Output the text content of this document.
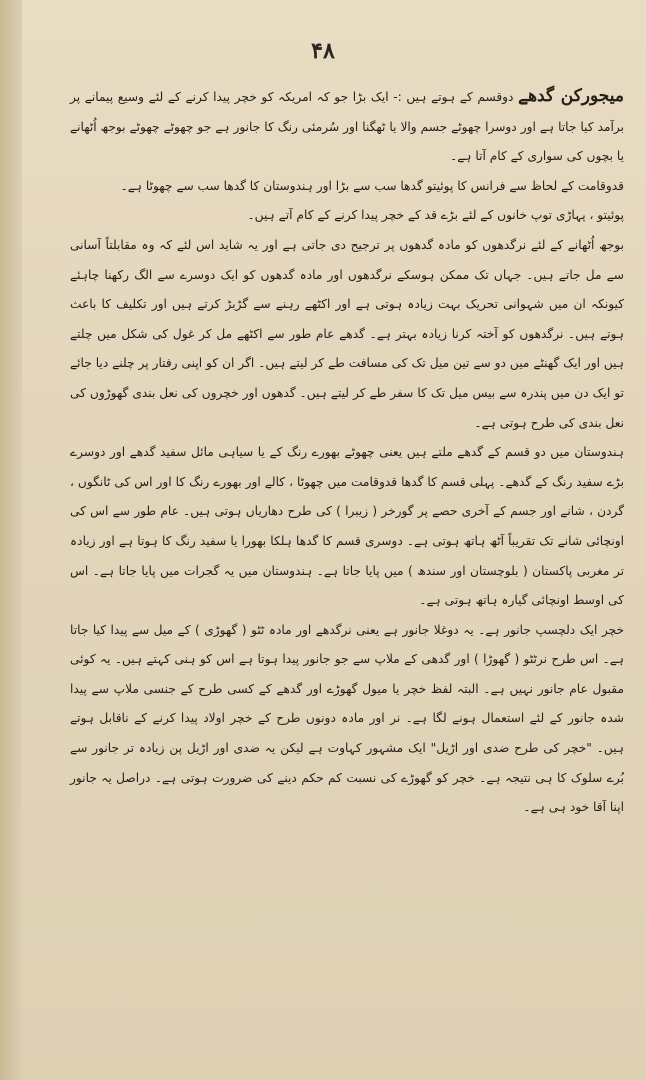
۴۸

میجورکن گدھے دوقسم کے ہوتے ہیں :- ایک بڑا جو کہ امریکہ کو خچر پیدا کرنے کے لئے وسیع پیمانے پر برآمد کیا جاتا ہے اور دوسرا چھوٹے جسم والا یا ٹھگنا اور سُرمئی رنگ کا جانور ہے جو چھوٹے چھوٹے بوجھ اُٹھانے یا بچوں کی سواری کے کام آتا ہے۔

قدوقامت کے لحاظ سے فرانس کا پوئیتو گدھا سب سے بڑا اور ہندوستان کا گدھا سب سے چھوٹا ہے۔

پوئیتو ، پہاڑی توپ خانوں کے لئے بڑے قد کے خچر پیدا کرنے کے کام آتے ہیں۔

بوجھ اُٹھانے کے لئے نرگدھوں کو مادہ گدھوں پر ترجیح دی جاتی ہے اور یہ شاید اس لئے کہ وہ مقابلتاً آسانی سے مل جاتے ہیں۔ جہاں تک ممکن ہوسکے نرگدھوں اور مادہ گدھوں کو ایک دوسرے سے الگ رکھنا چاہئے کیونکہ ان میں شہوانی تحریک بہت زیادہ ہوتی ہے اور اکٹھے رہنے سے گڑبڑ کرتے ہیں اور تکلیف کا باعث ہوتے ہیں۔ نرگدھوں کو آختہ کرنا زیادہ بہتر ہے۔ گدھے عام طور سے اکٹھے مل کر غول کی شکل میں چلتے ہیں اور ایک گھنٹے میں دو سے تین میل تک کی مسافت طے کر لیتے ہیں۔ اگر ان کو اپنی رفتار پر چلنے دیا جائے تو ایک دن میں پندرہ سے بیس میل تک کا سفر طے کر لیتے ہیں۔ گدھوں اور خچروں کی نعل بندی گھوڑوں کی نعل بندی کی طرح ہوتی ہے۔

ہندوستان میں دو قسم کے گدھے ملتے ہیں یعنی چھوٹے بھورے رنگ کے یا سیاہی مائل سفید گدھے اور دوسرے بڑے سفید رنگ کے گدھے۔ پہلی قسم کا گدھا قدوقامت میں چھوٹا ، کالے اور بھورے رنگ کا اور اس کی ٹانگوں ، گردن ، شانے اور جسم کے آخری حصے پر گورخر ( زیبرا ) کی طرح دھاریاں ہوتی ہیں۔ عام طور سے اس کی اونچائی شانے تک تقریباً آٹھ ہاتھ ہوتی ہے۔ دوسری قسم کا گدھا ہلکا بھورا یا سفید رنگ کا ہوتا ہے اور زیادہ تر مغربی پاکستان ( بلوچستان اور سندھ ) میں پایا جاتا ہے۔ ہندوستان میں یہ گجرات میں پایا جاتا ہے۔ اس کی اوسط اونچائی گیارہ ہاتھ ہوتی ہے۔

خچر ایک دلچسپ جانور ہے۔ یہ دوغلا جانور ہے یعنی نرگدھے اور مادہ ٹٹو ( گھوڑی ) کے میل سے پیدا کیا جاتا ہے۔ اس طرح نرٹٹو ( گھوڑا ) اور گدھی کے ملاپ سے جو جانور پیدا ہوتا ہے اس کو ہنی کہتے ہیں۔ یہ کوئی مقبول عام جانور نہیں ہے۔ البتہ لفظ خچر یا میول گھوڑے اور گدھے کے کسی طرح کے جنسی ملاپ سے پیدا شدہ جانور کے لئے استعمال ہونے لگا ہے۔ نر اور مادہ دونوں طرح کے خچر اولاد پیدا کرنے کے ناقابل ہوتے ہیں۔ "خچر کی طرح ضدی اور اڑیل" ایک مشہور کہاوت ہے لیکن یہ ضدی اور اڑیل پن زیادہ تر جانور سے بُرے سلوک کا ہی نتیجہ ہے۔ خچر کو گھوڑے کی نسبت کم حکم دینے کی ضرورت ہوتی ہے۔ دراصل یہ جانور اپنا آقا خود ہی ہے۔
